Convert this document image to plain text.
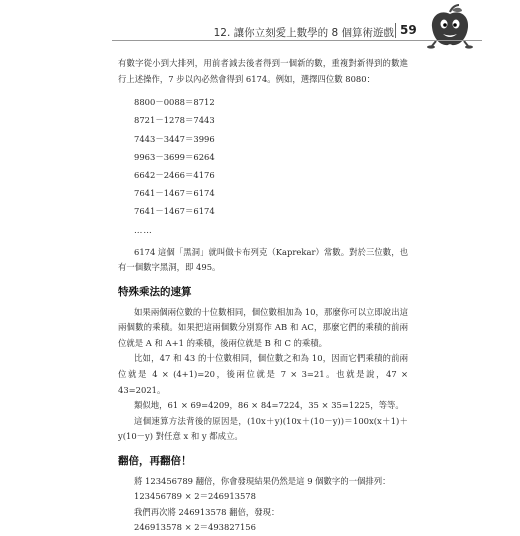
12. 讓你立刻愛上數學的 8 個算術遊戲 59

有數字從小到大排列，用前者減去後者得到一個新的數，重複對新得到的數進行上述操作，7 步以內必然會得到 6174。例如，選擇四位數 8080：

8800－0088＝8712

8721－1278＝7443

7443－3447＝3996

9963－3699＝6264

6642－2466＝4176

7641－1467＝6174

7641－1467＝6174

……

6174 這個「黑洞」就叫做卡布列克（Kaprekar）常數。對於三位數，也有一個數字黑洞，即 495。

特殊乘法的速算

如果兩個兩位數的十位數相同，個位數相加為 10，那麼你可以立即說出這兩個數的乘積。如果把這兩個數分別寫作 AB 和 AC，那麼它們的乘積的前兩位就是 A 和 A+1 的乘積，後兩位就是 B 和 C 的乘積。

比如，47 和 43 的十位數相同，個位數之和為 10，因而它們乘積的前兩位就是 4 × (4+1)=20，後兩位就是 7 × 3=21。也就是說，47 × 43=2021。

類似地，61 × 69=4209，86 × 84=7224，35 × 35=1225，等等。

這個速算方法背後的原因是，(10x＋y)(10x＋(10－y))＝100x(x＋1)＋y(10－y) 對任意 x 和 y 都成立。

翻倍，再翻倍！

將 123456789 翻倍，你會發現結果仍然是這 9 個數字的一個排列：

123456789 × 2＝246913578

我們再次將 246913578 翻倍，發現：

246913578 × 2＝493827156
